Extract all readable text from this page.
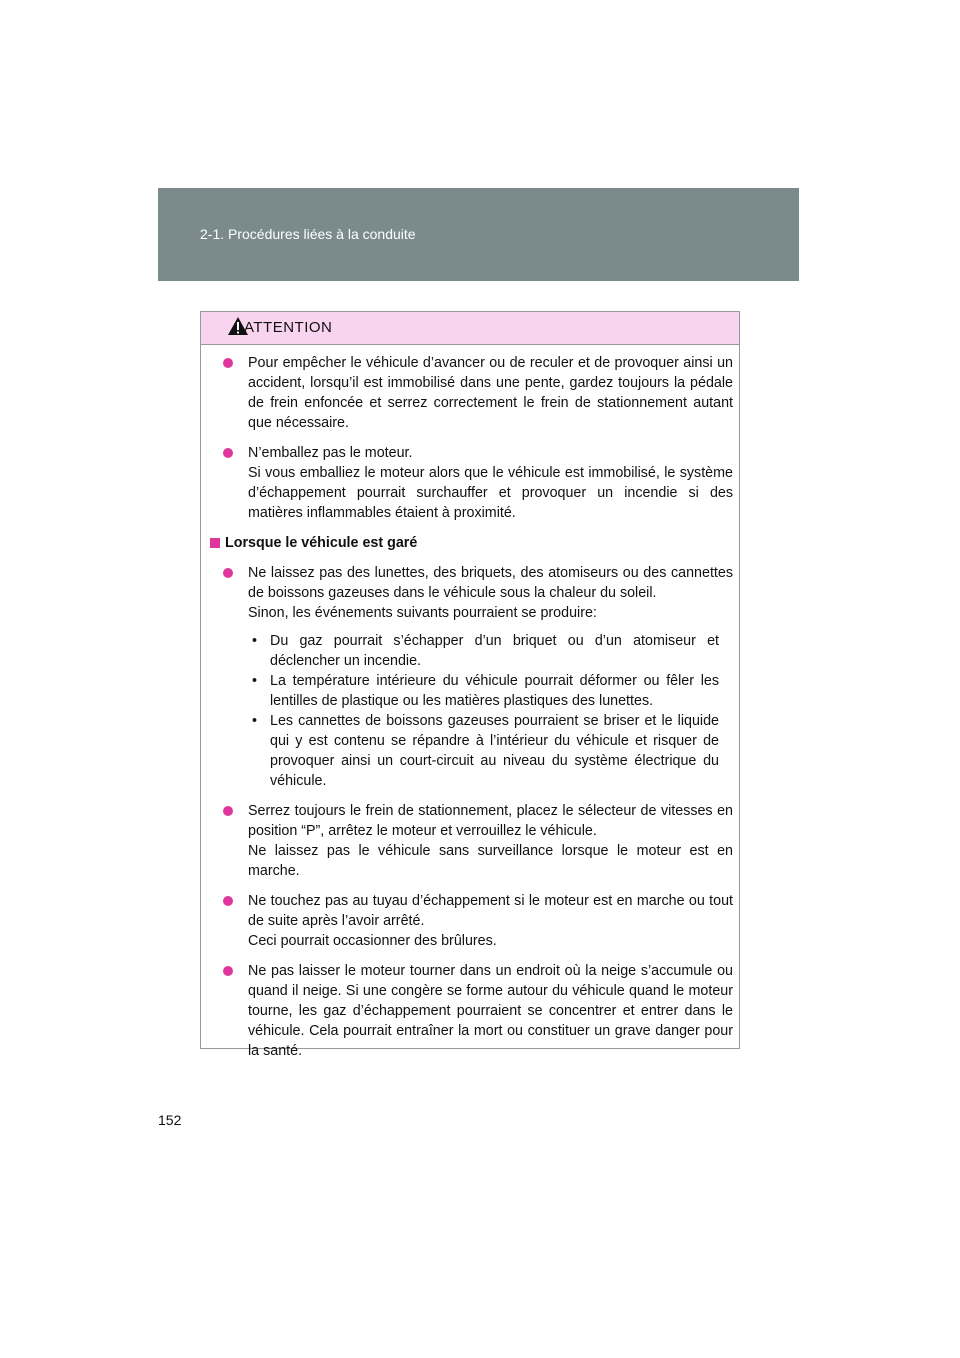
2-1. Procédures liées à la conduite
ATTENTION
Pour empêcher le véhicule d’avancer ou de reculer et de provoquer ainsi un accident, lorsqu’il est immobilisé dans une pente, gardez toujours la pédale de frein enfoncée et serrez correctement le frein de stationnement autant que nécessaire.
N’emballez pas le moteur.
Si vous emballiez le moteur alors que le véhicule est immobilisé, le système d’échappement pourrait surchauffer et provoquer un incendie si des matières inflammables étaient à proximité.
Lorsque le véhicule est garé
Ne laissez pas des lunettes, des briquets, des atomiseurs ou des cannettes de boissons gazeuses dans le véhicule sous la chaleur du soleil.
Sinon, les événements suivants pourraient se produire:
• Du gaz pourrait s’échapper d’un briquet ou d’un atomiseur et déclencher un incendie.
• La température intérieure du véhicule pourrait déformer ou fêler les lentilles de plastique ou les matières plastiques des lunettes.
• Les cannettes de boissons gazeuses pourraient se briser et le liquide qui y est contenu se répandre à l’intérieur du véhicule et risquer de provoquer ainsi un court-circuit au niveau du système électrique du véhicule.
Serrez toujours le frein de stationnement, placez le sélecteur de vitesses en position “P”, arrêtez le moteur et verrouillez le véhicule.
Ne laissez pas le véhicule sans surveillance lorsque le moteur est en marche.
Ne touchez pas au tuyau d’échappement si le moteur est en marche ou tout de suite après l’avoir arrêté.
Ceci pourrait occasionner des brûlures.
Ne pas laisser le moteur tourner dans un endroit où la neige s’accumule ou quand il neige. Si une congère se forme autour du véhicule quand le moteur tourne, les gaz d’échappement pourraient se concentrer et entrer dans le véhicule. Cela pourrait entraîner la mort ou constituer un grave danger pour la santé.
152
